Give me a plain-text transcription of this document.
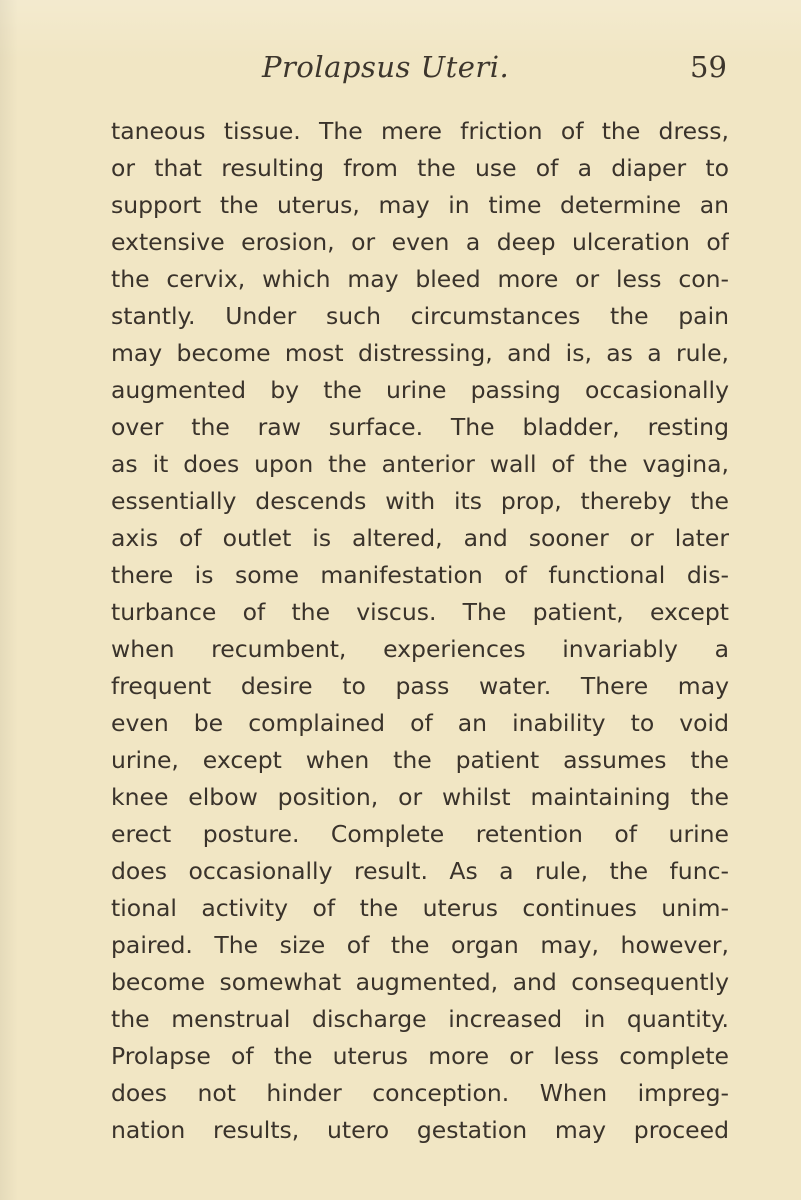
Prolapsus Uteri.	59
taneous tissue. The mere friction of the dress,
or that resulting from the use of a diaper to
support the uterus, may in time determine an
extensive erosion, or even a deep ulceration of
the cervix, which may bleed more or less con-
stantly. Under such circumstances the pain
may become most distressing, and is, as a rule,
augmented by the urine passing occasionally
over the raw surface. The bladder, resting
as it does upon the anterior wall of the vagina,
essentially descends with its prop, thereby the
axis of outlet is altered, and sooner or later
there is some manifestation of functional dis-
turbance of the viscus. The patient, except
when recumbent, experiences invariably a
frequent desire to pass water. There may
even be complained of an inability to void
urine, except when the patient assumes the
knee elbow position, or whilst maintaining the
erect posture. Complete retention of urine
does occasionally result. As a rule, the func-
tional activity of the uterus continues unim-
paired. The size of the organ may, however,
become somewhat augmented, and consequently
the menstrual discharge increased in quantity.
Prolapse of the uterus more or less complete
does not hinder conception. When impreg-
nation results, utero gestation may proceed
